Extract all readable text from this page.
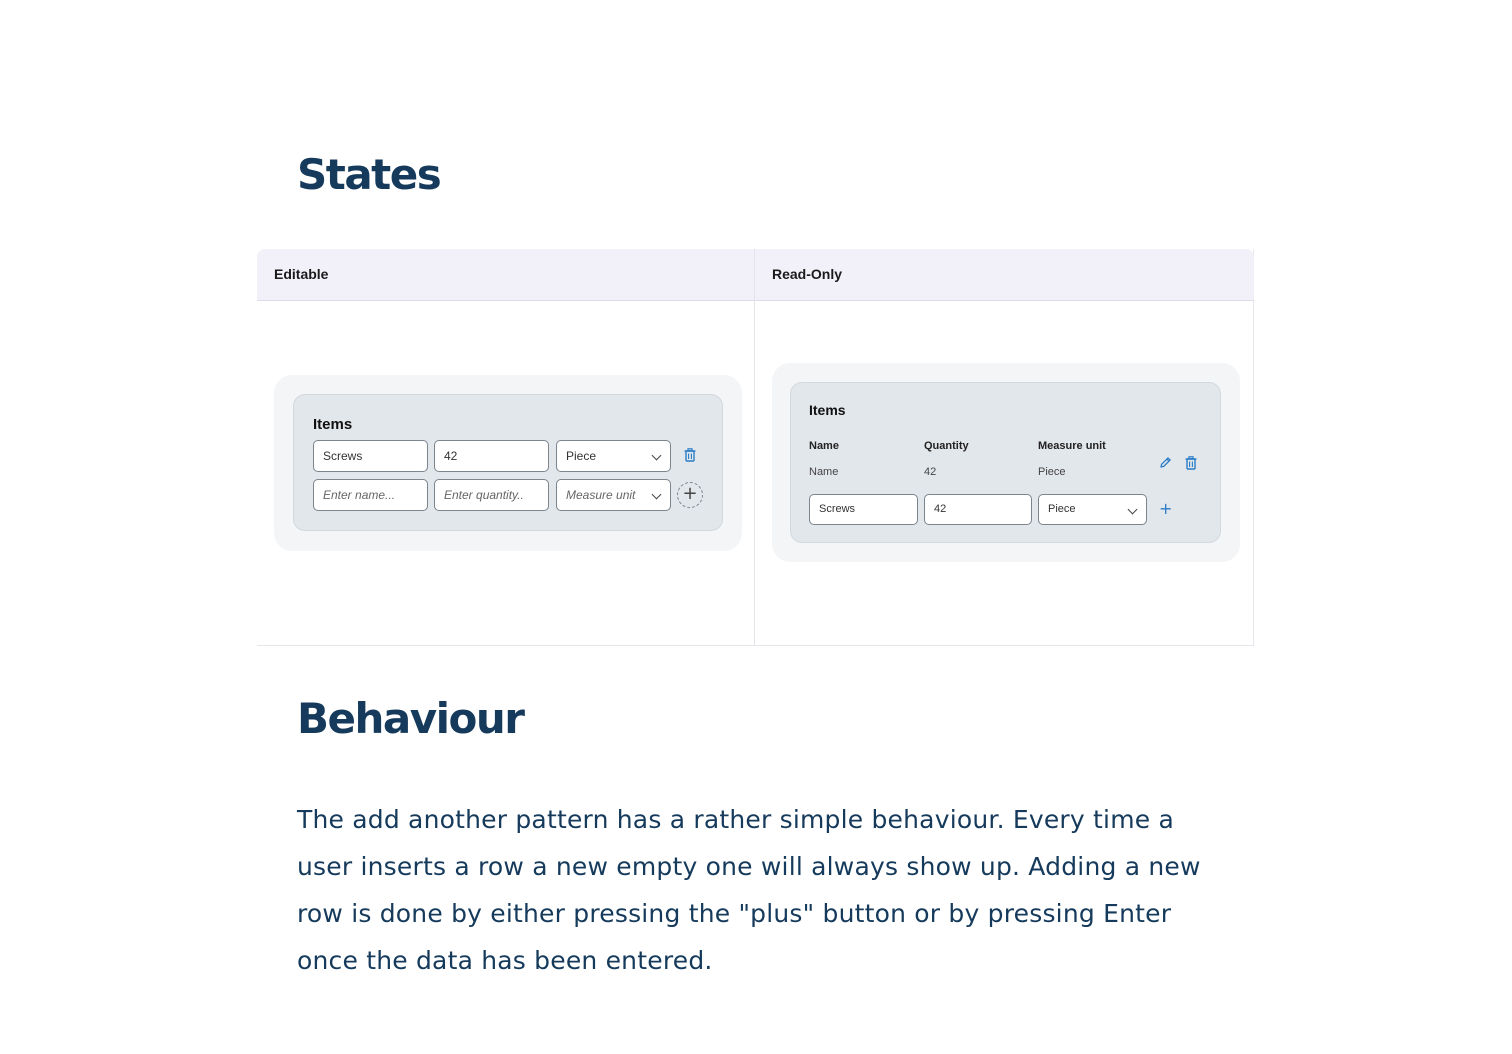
States
Editable	Read-Only
Items
Screws	42	Piece
Enter name...	Enter quantity..	Measure unit	+
Items
Name	Quantity	Measure unit
Name	42	Piece
Screws	42	Piece	+
Behaviour

The add another pattern has a rather simple behaviour. Every time a user inserts a row a new empty one will always show up. Adding a new row is done by either pressing the "plus" button or by pressing Enter once the data has been entered.
